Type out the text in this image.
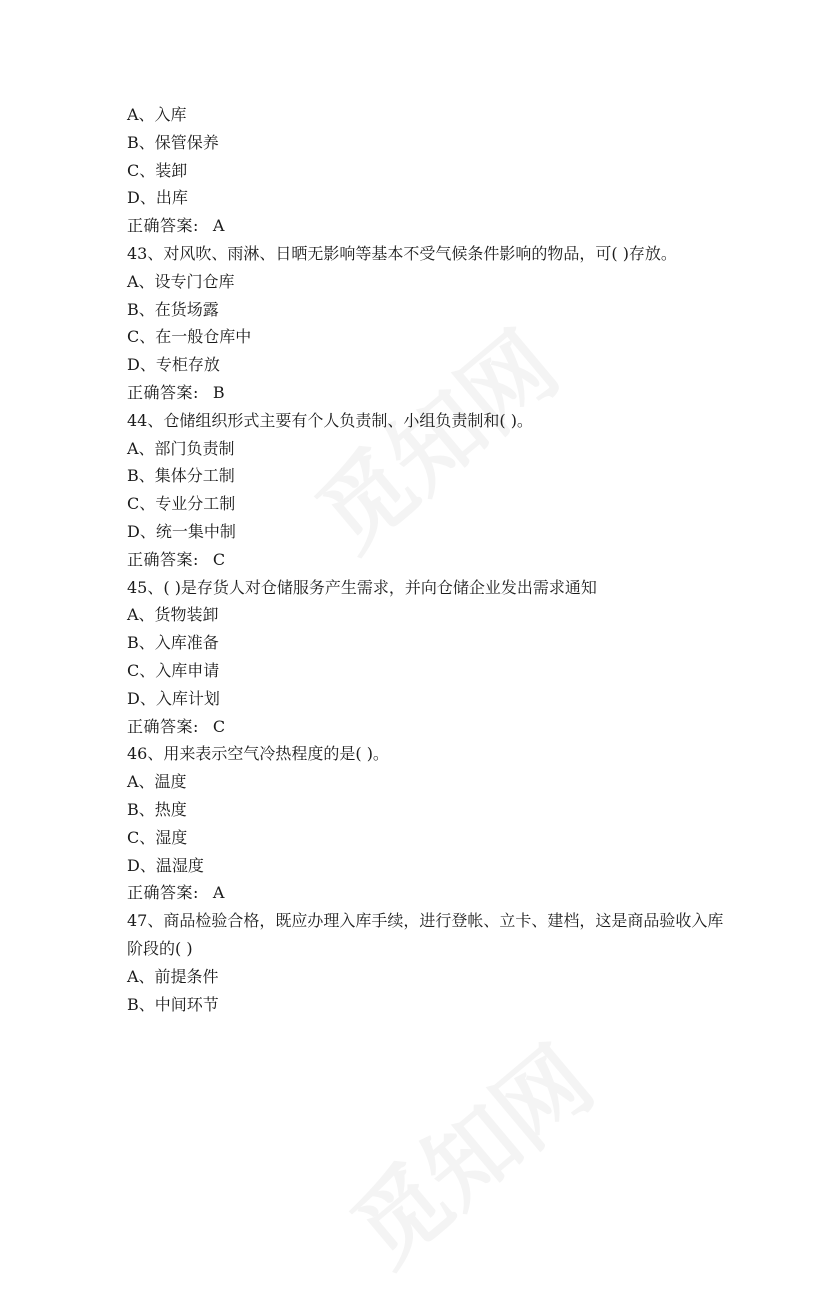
A、入库
B、保管保养
C、装卸
D、出库
正确答案: A
43、对风吹、雨淋、日晒无影响等基本不受气候条件影响的物品，可( )存放。
A、设专门仓库
B、在货场露
C、在一般仓库中
D、专柜存放
正确答案: B
44、仓储组织形式主要有个人负责制、小组负责制和( )。
A、部门负责制
B、集体分工制
C、专业分工制
D、统一集中制
正确答案: C
45、( )是存货人对仓储服务产生需求，并向仓储企业发出需求通知
A、货物装卸
B、入库准备
C、入库申请
D、入库计划
正确答案: C
46、用来表示空气冷热程度的是( )。
A、温度
B、热度
C、湿度
D、温湿度
正确答案: A
47、商品检验合格，既应办理入库手续，进行登帐、立卡、建档，这是商品验收入库阶段的( )
A、前提条件
B、中间环节
